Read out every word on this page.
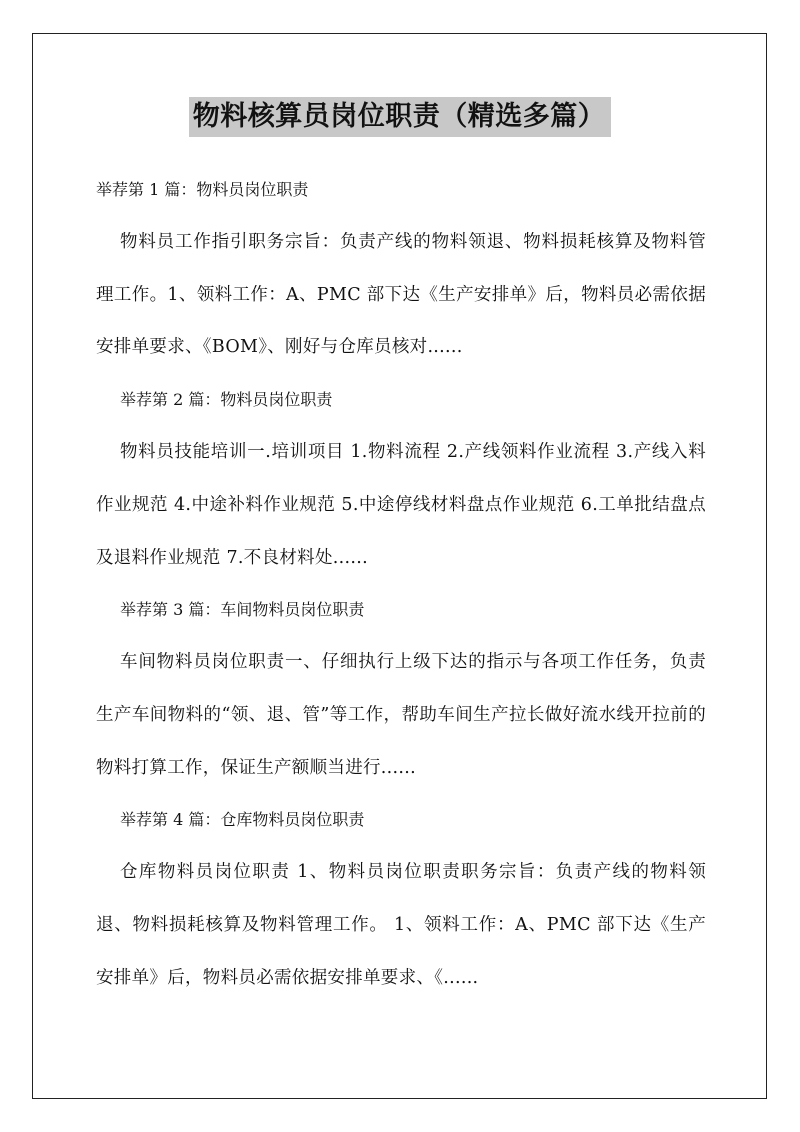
物料核算员岗位职责（精选多篇）

举荐第 1 篇：物料员岗位职责

物料员工作指引职务宗旨：负责产线的物料领退、物料损耗核算及物料管理工作。1、领料工作：A、PMC 部下达《生产安排单》后，物料员必需依据安排单要求、《BOM》、刚好与仓库员核对......

举荐第 2 篇：物料员岗位职责

物料员技能培训一.培训项目 1.物料流程 2.产线领料作业流程 3.产线入料作业规范 4.中途补料作业规范 5.中途停线材料盘点作业规范 6.工单批结盘点及退料作业规范 7.不良材料处......

举荐第 3 篇：车间物料员岗位职责

车间物料员岗位职责一、仔细执行上级下达的指示与各项工作任务，负责生产车间物料的“领、退、管”等工作，帮助车间生产拉长做好流水线开拉前的物料打算工作，保证生产额顺当进行......

举荐第 4 篇：仓库物料员岗位职责

仓库物料员岗位职责 1、物料员岗位职责职务宗旨：负责产线的物料领退、物料损耗核算及物料管理工作。 1、领料工作：A、PMC 部下达《生产安排单》后，物料员必需依据安排单要求、《......
